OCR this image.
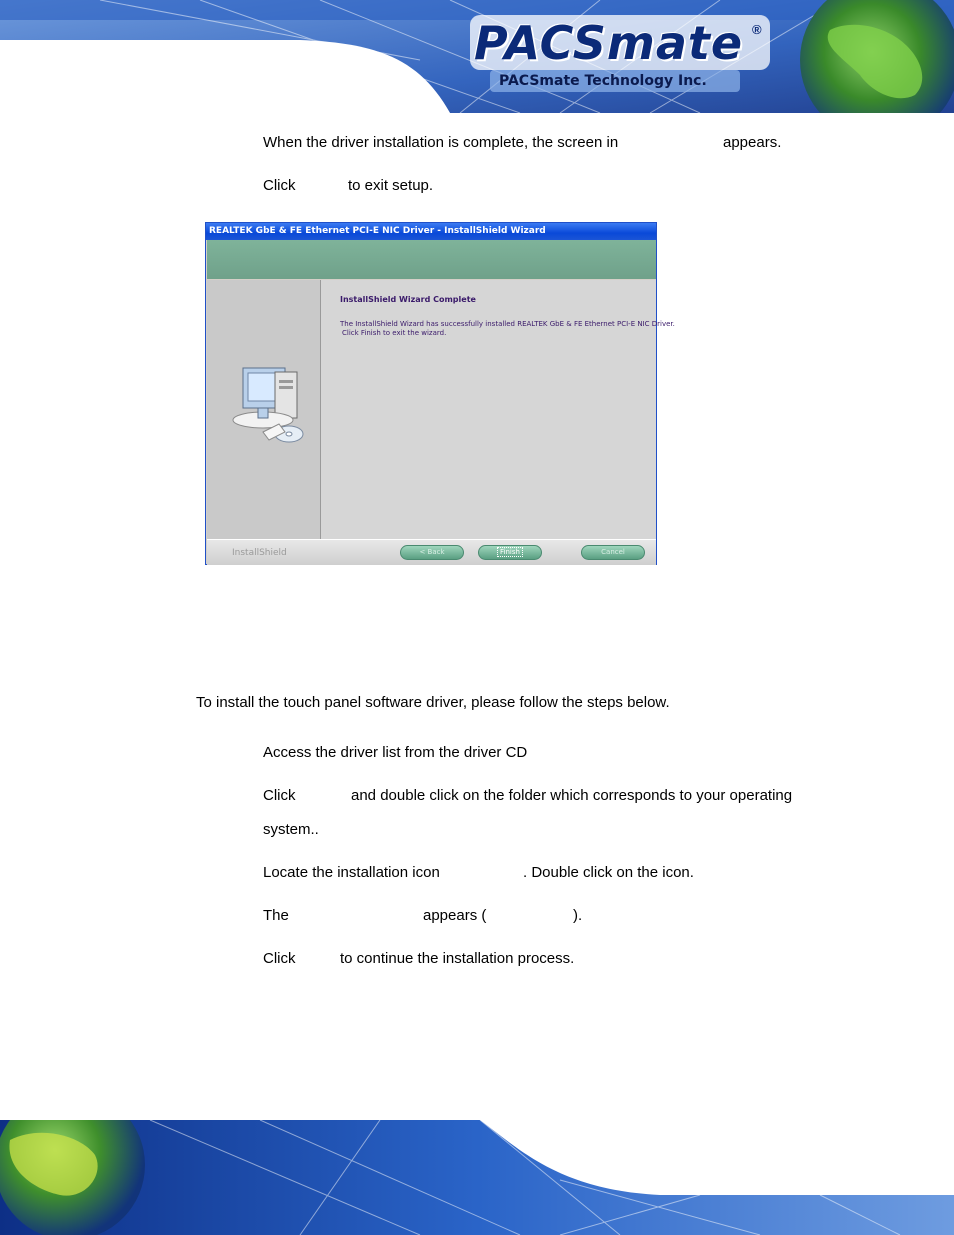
PACSmate ®
PACSmate Technology Inc.
When the driver installation is complete, the screen in	appears.
Click	to exit setup.
REALTEK GbE & FE Ethernet PCI-E NIC Driver - InstallShield Wizard
InstallShield Wizard Complete
The InstallShield Wizard has successfully installed REALTEK GbE & FE Ethernet PCI-E NIC Driver.
Click Finish to exit the wizard.
InstallShield	< Back	Finish	Cancel
To install the touch panel software driver, please follow the steps below.
Access the driver list from the driver CD
Click	and double click on the folder which corresponds to your operating
system..
Locate the installation icon	. Double click on the icon.
The	appears (	).
Click	to continue the installation process.
